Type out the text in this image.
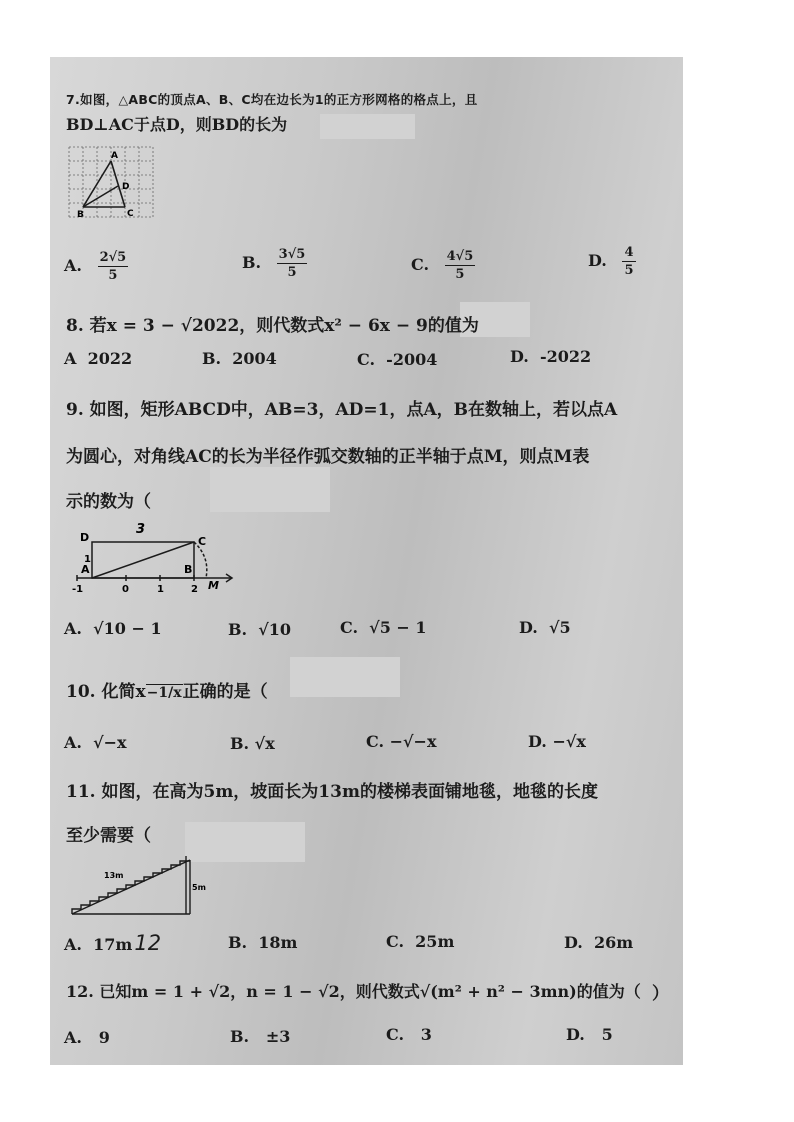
7.如图，△ABC的顶点A、B、C均在边长为1的正方形网格的格点上，且
BD⊥AC于点D，则BD的长为
A
B	C
D
A. $\frac{2√5}{5}$	B. $\frac{3√5}{5}$	C. $\frac{4√5}{5}$	D. $\frac{4}{5}$
8. 若x = 3 − √2022，则代数式x² − 6x − 9的值为
A 2022	B. 2004	C. -2004	D. -2022
9. 如图，矩形ABCD中，AB=3，AD=1，点A，B在数轴上，若以点A
为圆心，对角线AC的长为半径作弧交数轴的正半轴于点M，则点M表
示的数为（
D
3
C
1
A	B
M
-1	0	1	2
A. √10 − 1	B. √10	C. √5 − 1	D. √5
10. 化简x−1/x正确的是（
A. √−x	B. √x	C. −√−x	D. −√x
11. 如图，在高为5m，坡面长为13m的楼梯表面铺地毯，地毯的长度
至少需要（
13m
5m
A. 17m12	B. 18m	C. 25m	D. 26m
12. 已知m = 1 + √2，n = 1 − √2，则代数式√(m² + n² − 3mn)的值为（ ）
A. 9	B. ±3	C. 3	D. 5
